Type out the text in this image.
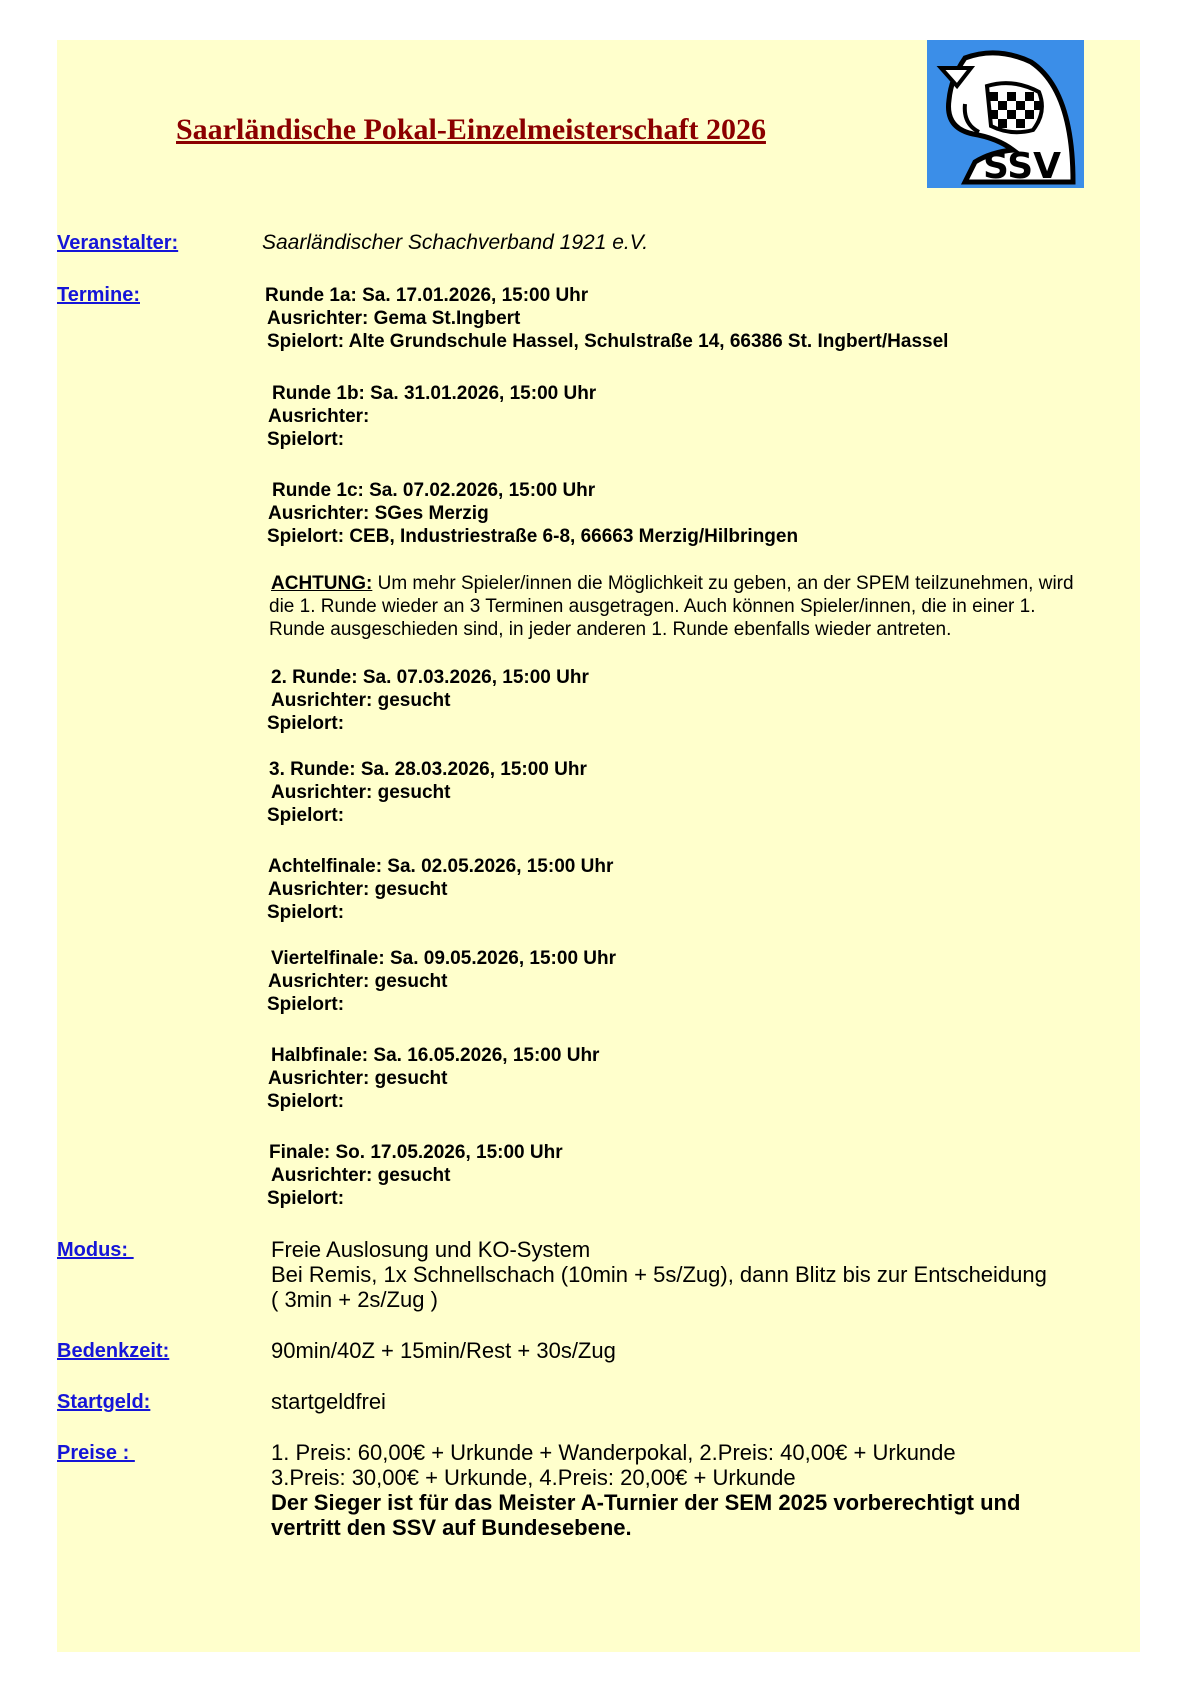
Saarländische Pokal-Einzelmeisterschaft 2026
SSV
Veranstalter:	Saarländischer Schachverband 1921 e.V.
Termine:	Runde 1a: Sa. 17.01.2026, 15:00 Uhr
Ausrichter: Gema St.Ingbert
Spielort: Alte Grundschule Hassel, Schulstraße 14, 66386 St. Ingbert/Hassel
Runde 1b: Sa. 31.01.2026, 15:00 Uhr
Ausrichter:
Spielort:
Runde 1c: Sa. 07.02.2026, 15:00 Uhr
Ausrichter: SGes Merzig
Spielort: CEB, Industriestraße 6-8, 66663 Merzig/Hilbringen
ACHTUNG: Um mehr Spieler/innen die Möglichkeit zu geben, an der SPEM teilzunehmen, wird
die 1. Runde wieder an 3 Terminen ausgetragen. Auch können Spieler/innen, die in einer 1.
Runde ausgeschieden sind, in jeder anderen 1. Runde ebenfalls wieder antreten.
2. Runde: Sa. 07.03.2026, 15:00 Uhr
Ausrichter: gesucht
Spielort:
3. Runde: Sa. 28.03.2026, 15:00 Uhr
Ausrichter: gesucht
Spielort:
Achtelfinale: Sa. 02.05.2026, 15:00 Uhr
Ausrichter: gesucht
Spielort:
Viertelfinale: Sa. 09.05.2026, 15:00 Uhr
Ausrichter: gesucht
Spielort:
Halbfinale: Sa. 16.05.2026, 15:00 Uhr
Ausrichter: gesucht
Spielort:
Finale: So. 17.05.2026, 15:00 Uhr
Ausrichter: gesucht
Spielort:
Modus:	Freie Auslosung und KO-System
Bei Remis, 1x Schnellschach (10min + 5s/Zug), dann Blitz bis zur Entscheidung
( 3min + 2s/Zug )
Bedenkzeit:	90min/40Z + 15min/Rest + 30s/Zug
Startgeld:	startgeldfrei
Preise :	1. Preis: 60,00€ + Urkunde + Wanderpokal, 2.Preis: 40,00€ + Urkunde
3.Preis: 30,00€ + Urkunde, 4.Preis: 20,00€ + Urkunde
Der Sieger ist für das Meister A-Turnier der SEM 2025 vorberechtigt und
vertritt den SSV auf Bundesebene.
